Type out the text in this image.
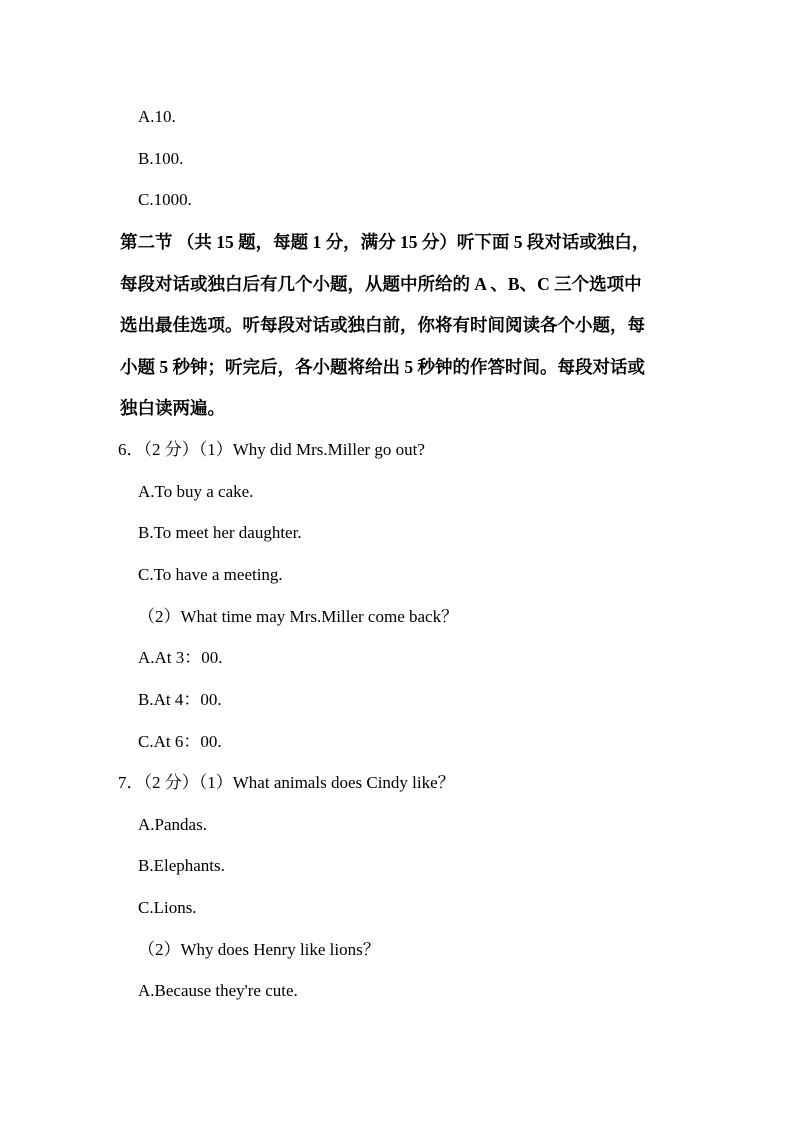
A.10.
B.100.
C.1000.
第二节 （共 15 题，每题 1 分，满分 15 分）听下面 5 段对话或独白，
每段对话或独白后有几个小题，从题中所给的 A 、B、C 三个选项中
选出最佳选项。听每段对话或独白前，你将有时间阅读各个小题，每
小题 5 秒钟；听完后，各小题将给出 5 秒钟的作答时间。每段对话或
独白读两遍。
6．（2 分）（1）Why did Mrs.Miller go out?
A.To buy a cake.
B.To meet her daughter.
C.To have a meeting.
（2）What time may Mrs.Miller come back？
A.At 3：00.
B.At 4：00.
C.At 6：00.
7．（2 分）（1）What animals does Cindy like？
A.Pandas.
B.Elephants.
C.Lions.
（2）Why does Henry like lions？
A.Because they're cute.
